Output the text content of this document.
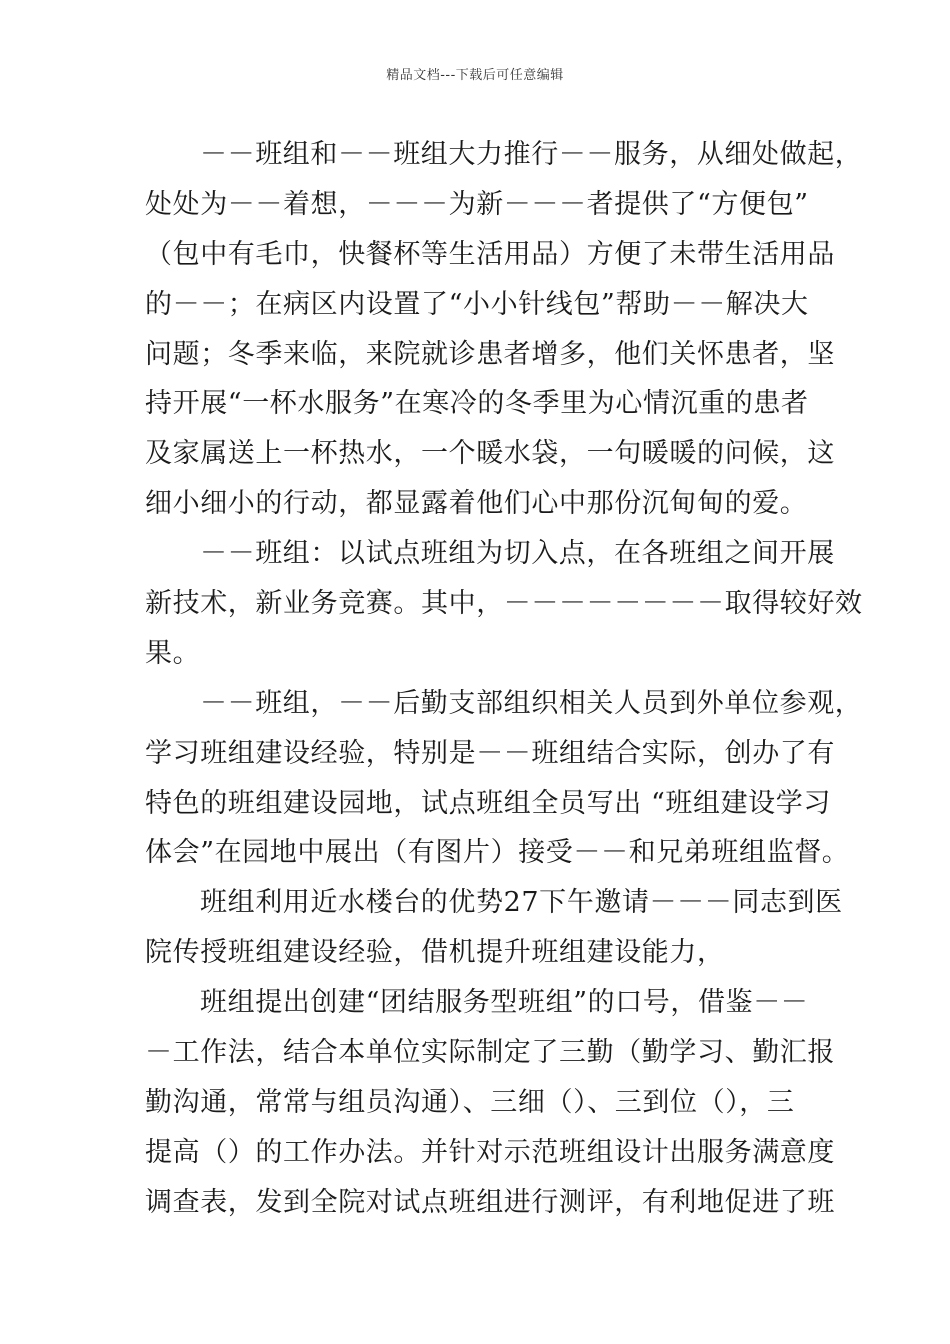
精品文档---下载后可任意编辑
－－班组和－－班组大力推行－－服务，从细处做起，
处处为－－着想，－－－为新－－－者提供了“方便包”
（包中有毛巾，快餐杯等生活用品）方便了未带生活用品
的－－；在病区内设置了“小小针线包”帮助－－解决大
问题；冬季来临，来院就诊患者增多，他们关怀患者，坚
持开展“一杯水服务”在寒冷的冬季里为心情沉重的患者
及家属送上一杯热水，一个暖水袋，一句暖暖的问候，这
细小细小的行动，都显露着他们心中那份沉甸甸的爱。
－－班组：以试点班组为切入点，在各班组之间开展
新技术，新业务竞赛。其中，－－－－－－－－取得较好效
果。
－－班组，－－后勤支部组织相关人员到外单位参观，
学习班组建设经验，特别是－－班组结合实际，创办了有
特色的班组建设园地，试点班组全员写出 “班组建设学习
体会”在园地中展出（有图片）接受－－和兄弟班组监督。
班组利用近水楼台的优势27下午邀请－－－同志到医
院传授班组建设经验，借机提升班组建设能力，
班组提出创建“团结服务型班组”的口号，借鉴－－
－工作法，结合本单位实际制定了三勤（勤学习、勤汇报
勤沟通，常常与组员沟通）、三细（）、三到位（），三
提高（）的工作办法。并针对示范班组设计出服务满意度
调查表，发到全院对试点班组进行测评，有利地促进了班
